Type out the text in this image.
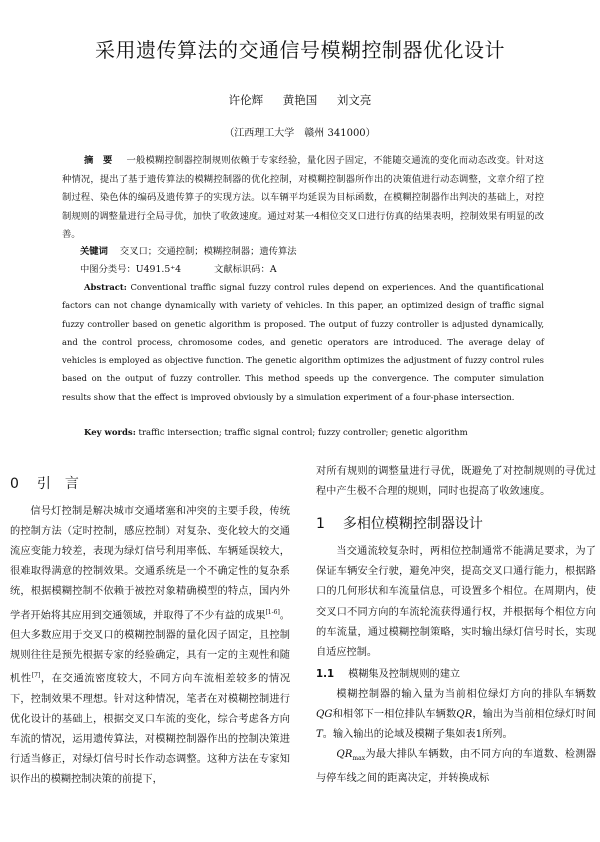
采用遗传算法的交通信号模糊控制器优化设计
许伦辉 黄艳国 刘文亮
（江西理工大学　赣州 341000）
摘　要 一般模糊控制器控制规则依赖于专家经验，量化因子固定，不能随交通流的变化而动态改变。针对这种情况，提出了基于遗传算法的模糊控制器的优化控制，对模糊控制器所作出的决策值进行动态调整，文章介绍了控制过程、染色体的编码及遗传算子的实现方法。以车辆平均延误为目标函数，在模糊控制器作出判决的基础上，对控制规则的调整量进行全局寻优，加快了收敛速度。通过对某一4相位交叉口进行仿真的结果表明，控制效果有明显的改善。
关键词 交叉口；交通控制；模糊控制器；遗传算法
中图分类号：U491.5⁺4	文献标识码：A
Abstract: Conventional traffic signal fuzzy control rules depend on experiences. And the quantificational factors can not change dynamically with variety of vehicles. In this paper, an optimized design of traffic signal fuzzy controller based on genetic algorithm is proposed. The output of fuzzy controller is adjusted dynamically, and the control process, chromosome codes, and genetic operators are introduced. The average delay of vehicles is employed as objective function. The genetic algorithm optimizes the adjustment of fuzzy control rules based on the output of fuzzy controller. This method speeds up the convergence. The computer simulation results show that the effect is improved obviously by a simulation experiment of a four-phase intersection.
Key words: traffic intersection; traffic signal control; fuzzy controller; genetic algorithm
0 引　言

信号灯控制是解决城市交通堵塞和冲突的主要手段，传统的控制方法（定时控制，感应控制）对复杂、变化较大的交通流应变能力较差，表现为绿灯信号利用率低、车辆延误较大，很难取得满意的控制效果。交通系统是一个不确定性的复杂系统，根据模糊控制不依赖于被控对象精确模型的特点，国内外学者开始将其应用到交通领域，并取得了不少有益的成果[1-6]。但大多数应用于交叉口的模糊控制器的量化因子固定，且控制规则往往是预先根据专家的经验确定，具有一定的主观性和随机性[7]，在交通流密度较大，不同方向车流相差较多的情况下，控制效果不理想。针对这种情况，笔者在对模糊控制进行优化设计的基础上，根据交叉口车流的变化，综合考虑各方向车流的情况，运用遗传算法，对模糊控制器作出的控制决策进行适当修正，对绿灯信号时长作动态调整。这种方法在专家知识作出的模糊控制决策的前提下，

对所有规则的调整量进行寻优，既避免了对控制规则的寻优过程中产生极不合理的规则，同时也提高了收敛速度。

1 多相位模糊控制器设计

当交通流较复杂时，两相位控制通常不能满足要求，为了保证车辆安全行驶，避免冲突，提高交叉口通行能力，根据路口的几何形状和车流量信息，可设置多个相位。在周期内，使交叉口不同方向的车流轮流获得通行权，并根据每个相位方向的车流量，通过模糊控制策略，实时输出绿灯信号时长，实现自适应控制。

1.1 模糊集及控制规则的建立

模糊控制器的输入量为当前相位绿灯方向的排队车辆数QG和相邻下一相位排队车辆数QR，输出为当前相位绿灯时间T。输入输出的论域及模糊子集如表1所列。

$QR_{max}$为最大排队车辆数，由不同方向的车道数、检测器与停车线之间的距离决定，并转换成标
